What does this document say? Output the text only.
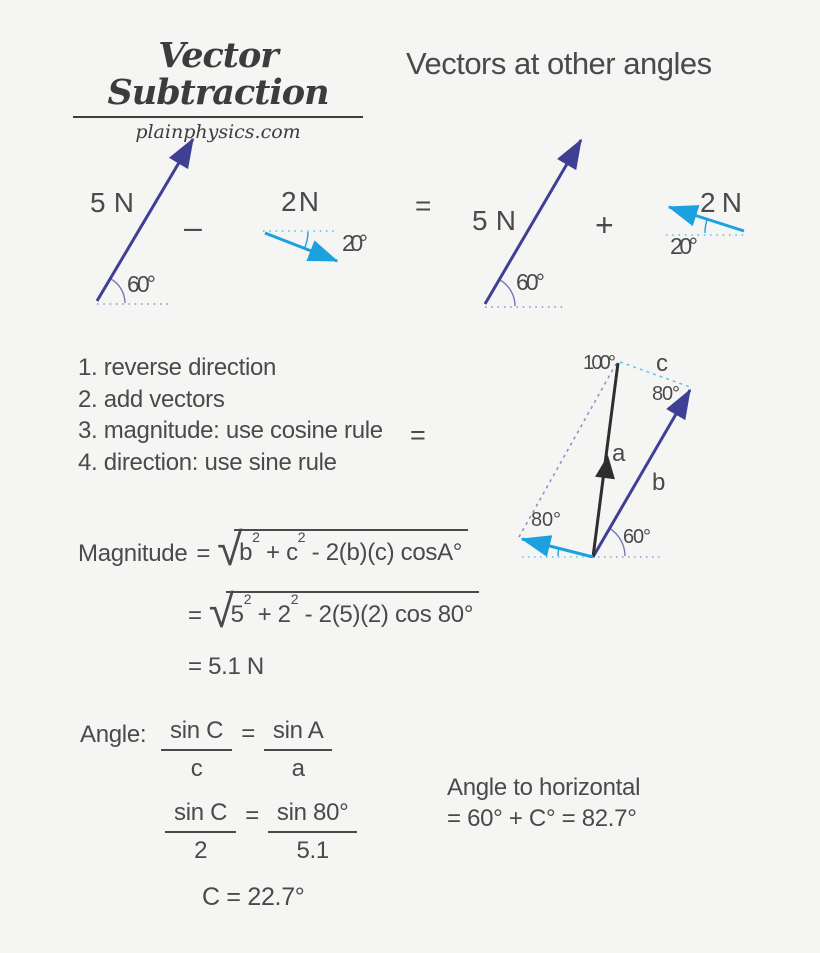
Vector Subtraction
plainphysics.com
Vectors at other angles
5 N
60°
–
2 N
20°
= 5 N
60°
+
2 N
20°
100° c
80°
a
b
80°
60°
1. reverse direction
2. add vectors
3. magnitude: use cosine rule
4. direction: use sine rule
=
Magnitude = √
$b^2 + c^2 - 2(b)(c)$ cosA°
= √
$5^2 + 2^2 - 2(5)(2)$ cos 80°
= 5.1 N
Angle: $\frac{\text{sin C}}{c} = \frac{\text{sin A}}{a}$
$\frac{\text{sin C}}{2} = \frac{\sin 80^\circ}{5.1}$
C = 22.7°
Angle to horizontal
= 60° + C° = 82.7°
